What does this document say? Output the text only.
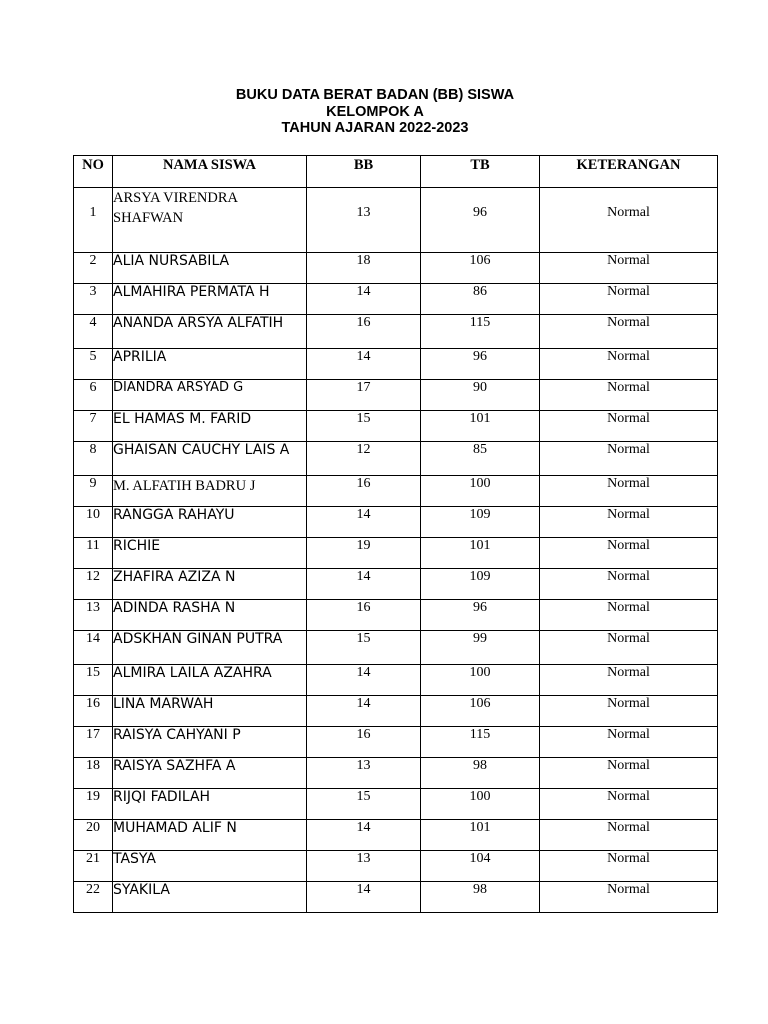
BUKU DATA BERAT BADAN (BB) SISWA
KELOMPOK A
TAHUN AJARAN 2022-2023
NO	NAMA SISWA	BB	TB	KETERANGAN
1	ARSYA VIRENDRA SHAFWAN	13	96	Normal
2	ALIA NURSABILA	18	106	Normal
3	ALMAHIRA PERMATA H	14	86	Normal
4	ANANDA ARSYA ALFATIH	16	115	Normal
5	APRILIA	14	96	Normal
6	DIANDRA ARSYAD G	17	90	Normal
7	EL HAMAS M. FARID	15	101	Normal
8	GHAISAN CAUCHY LAIS A	12	85	Normal
9	M. ALFATIH BADRU J	16	100	Normal
10	RANGGA RAHAYU	14	109	Normal
11	RICHIE	19	101	Normal
12	ZHAFIRA AZIZA N	14	109	Normal
13	ADINDA RASHA N	16	96	Normal
14	ADSKHAN GINAN PUTRA	15	99	Normal
15	ALMIRA LAILA AZAHRA	14	100	Normal
16	LINA MARWAH	14	106	Normal
17	RAISYA CAHYANI P	16	115	Normal
18	RAISYA SAZHFA A	13	98	Normal
19	RIJQI FADILAH	15	100	Normal
20	MUHAMAD ALIF N	14	101	Normal
21	TASYA	13	104	Normal
22	SYAKILA	14	98	Normal
